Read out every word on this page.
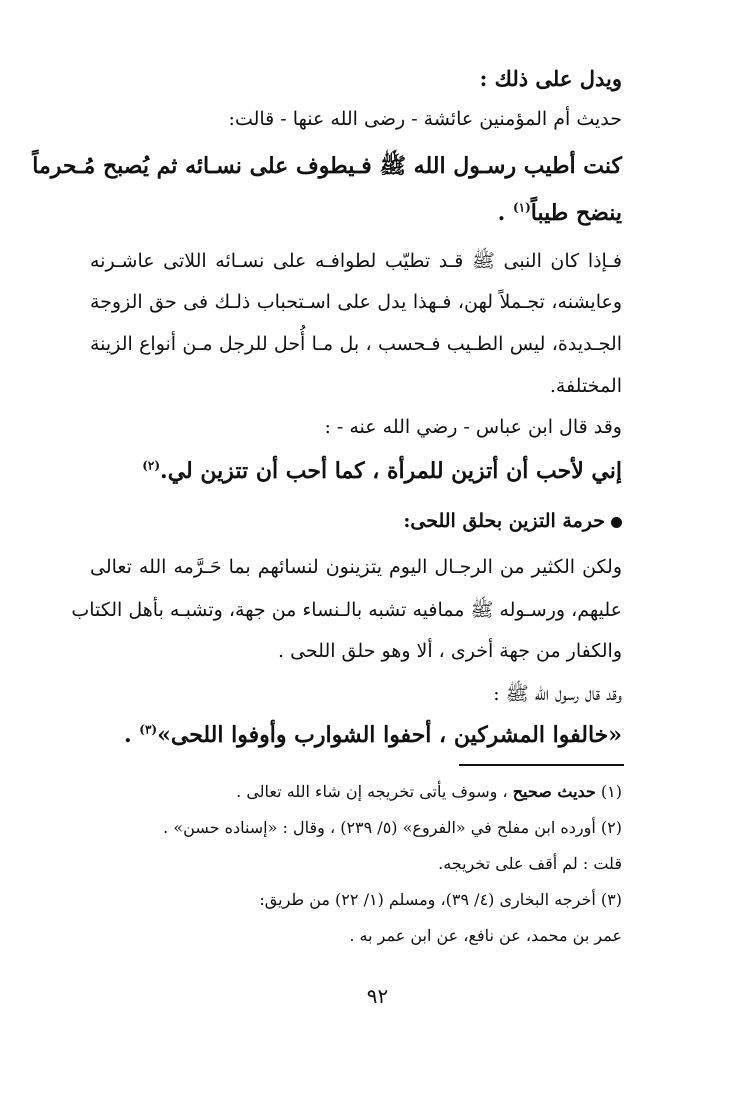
ويدل على ذلك :
حديث أم المؤمنين عائشة - رضى الله عنها - قالت:
كنت أطيب رسـول الله ﷺ فـيطوف على نسـائه ثم يُصبح مُـحرماً
ينضح طيباً$^{(١)}$ .
فـإذا كان النبى ﷺ قـد تطيّب لطوافـه على نسـائه اللاتى عاشـرنه
وعايشنه، تجـملاً لهن، فـهذا يدل على اسـتحباب ذلـك فى حق الزوجة
الجـديدة، ليس الطـيب فـحسب ، بل مـا أُحل للرجل مـن أنواع الزينة
المختلفة.
وقد قال ابن عباس - رضي الله عنه - :
إني لأحب أن أتزين للمرأة ، كما أحب أن تتزين لي.$^{(٢)}$
حرمة التزين بحلق اللحى:
ولكن الكثير من الرجـال اليوم يتزينون لنسائهم بما حَـرَّمه الله تعالى
عليهم، ورسـوله ﷺ ممافيه تشبه بالـنساء من جهة، وتشبـه بأهل الكتاب
والكفار من جهة أخرى ، ألا وهو حلق اللحى .
وقد قال رسول الله ﷺ :
«خالفوا المشركين ، أحفوا الشوارب وأوفوا اللحى»$^{(٣)}$ .
(١) حديث صحيح ، وسوف يأتى تخريجه إن شاء الله تعالى .
(٢) أورده ابن مفلح في «الفروع» (٥/ ٢٣٩) ، وقال : «إسناده حسن» .
قلت : لم أقف على تخريجه.
(٣) أخرجه البخارى (٤/ ٣٩)، ومسلم (١/ ٢٢) من طريق:
عمر بن محمد، عن نافع، عن ابن عمر به .
٩٢
